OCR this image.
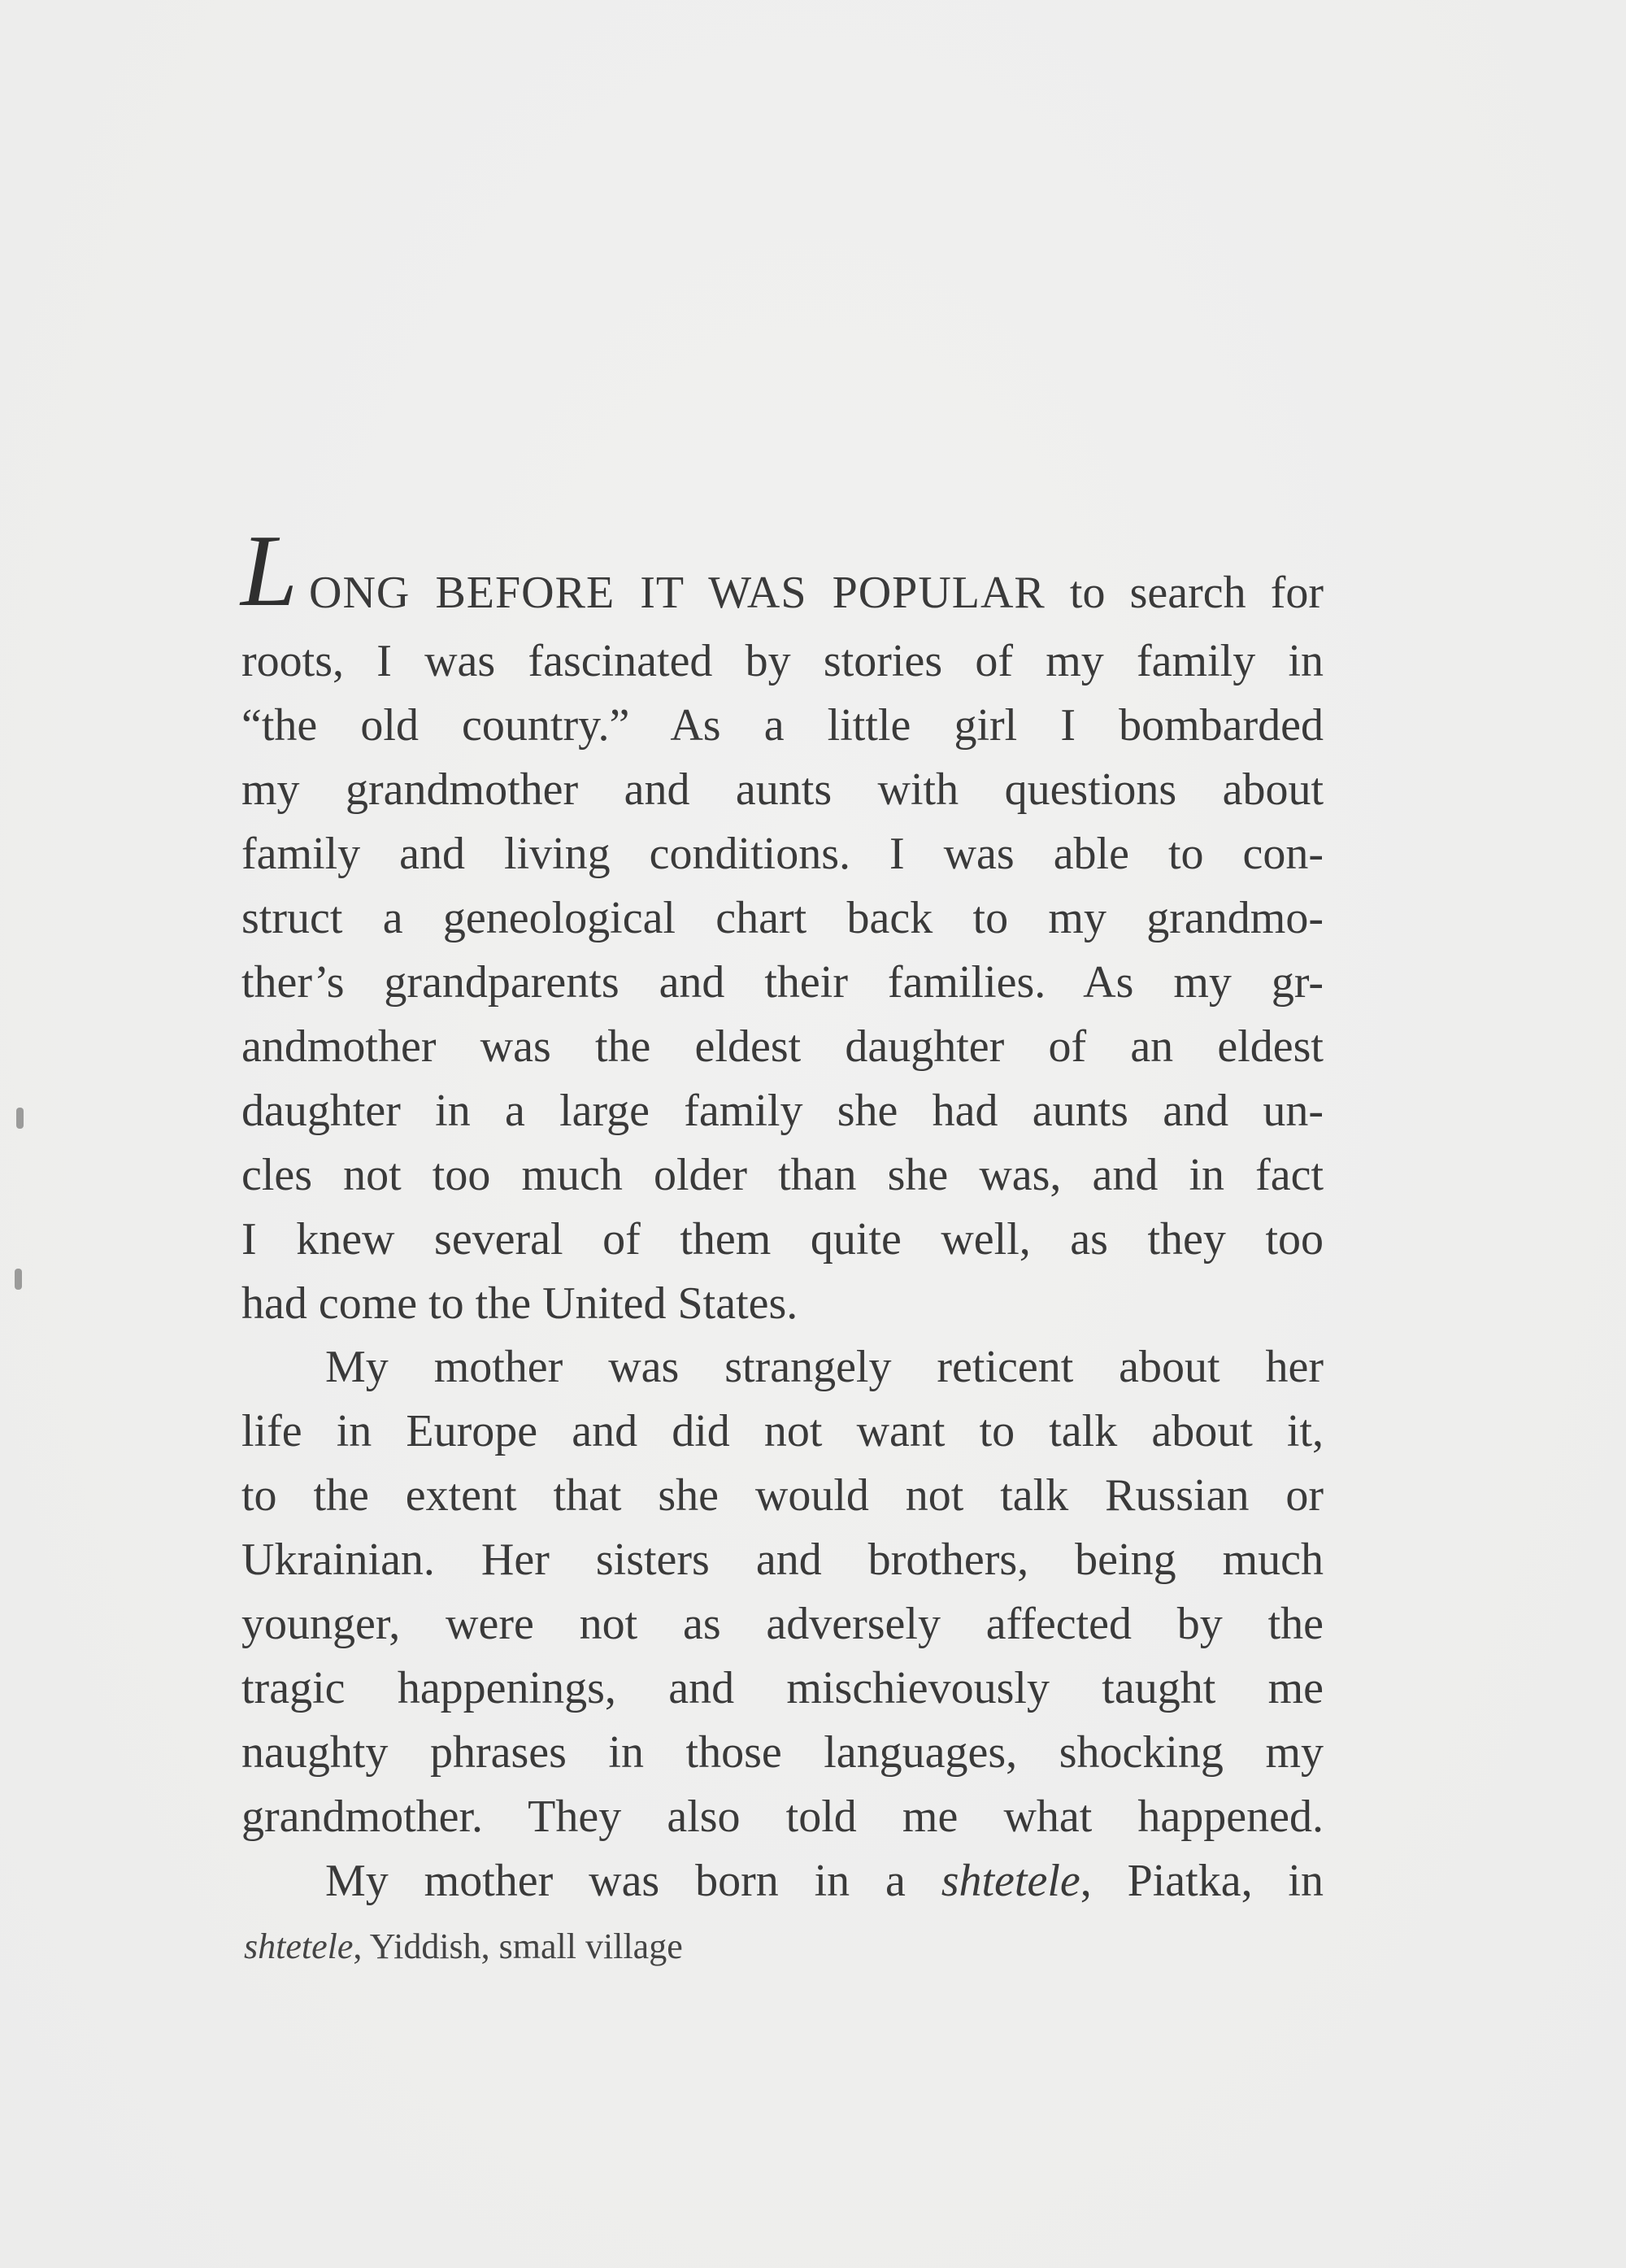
L ONG BEFORE IT WAS POPULAR to search for
roots, I was fascinated by stories of my family in
“the old country.” As a little girl I bombarded
my grandmother and aunts with questions about
family and living conditions. I was able to con-
struct a geneological chart back to my grandmo-
ther’s grandparents and their families. As my gr-
andmother was the eldest daughter of an eldest
daughter in a large family she had aunts and un-
cles not too much older than she was, and in fact
I knew several of them quite well, as they too
had come to the United States.
My mother was strangely reticent about her
life in Europe and did not want to talk about it,
to the extent that she would not talk Russian or
Ukrainian. Her sisters and brothers, being much
younger, were not as adversely affected by the
tragic happenings, and mischievously taught me
naughty phrases in those languages, shocking my
grandmother. They also told me what happened.
My mother was born in a shtetele, Piatka, in
shtetele, Yiddish, small village
